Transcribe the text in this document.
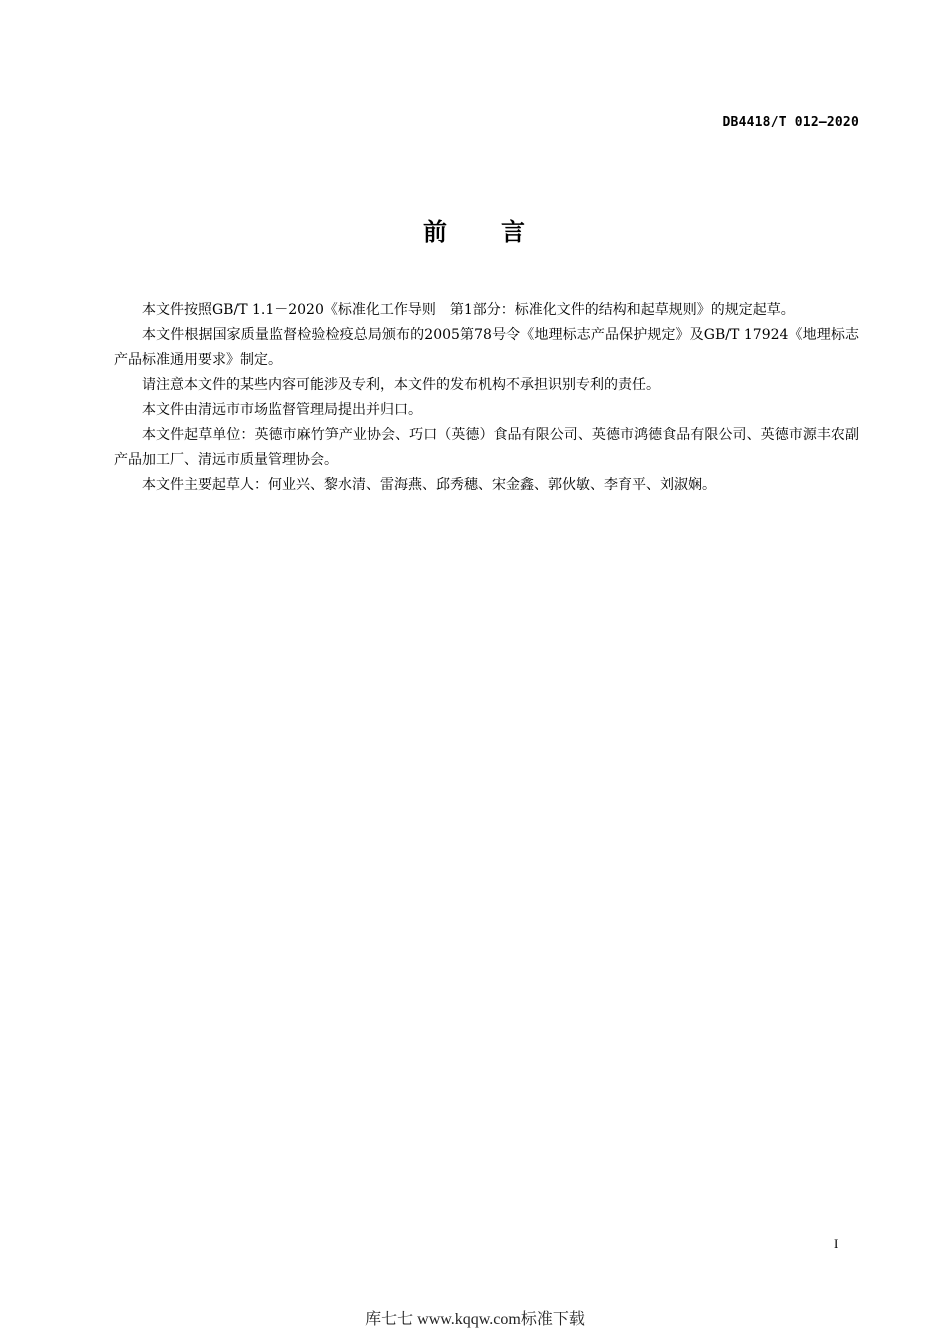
DB4418/T 012—2020
前　　言

本文件按照GB/T 1.1－2020《标准化工作导则　第1部分：标准化文件的结构和起草规则》的规定起草。

本文件根据国家质量监督检验检疫总局颁布的2005第78号令《地理标志产品保护规定》及GB/T 17924《地理标志产品标准通用要求》制定。

请注意本文件的某些内容可能涉及专利，本文件的发布机构不承担识别专利的责任。

本文件由清远市市场监督管理局提出并归口。

本文件起草单位：英德市麻竹笋产业协会、巧口（英德）食品有限公司、英德市鸿德食品有限公司、英德市源丰农副产品加工厂、清远市质量管理协会。

本文件主要起草人：何业兴、黎水清、雷海燕、邱秀穗、宋金鑫、郭伙敏、李育平、刘淑娴。

I
库七七 www.kqqw.com标准下载
